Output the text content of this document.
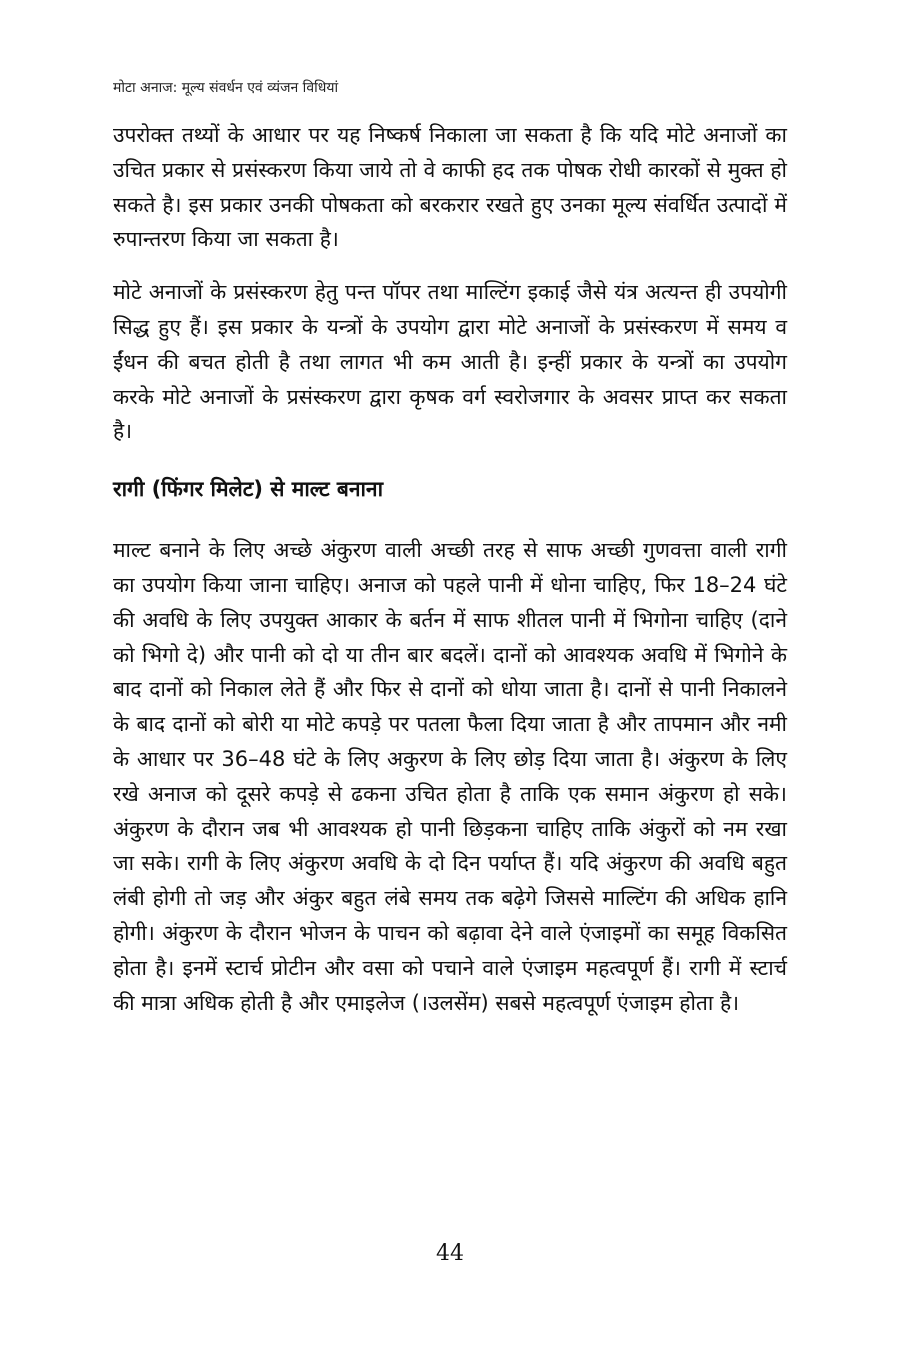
मोटा अनाज: मूल्य संवर्धन एवं व्यंजन विधियां

उपरोक्त तथ्यों के आधार पर यह निष्कर्ष निकाला जा सकता है कि यदि मोटे अनाजों का उचित प्रकार से प्रसंस्करण किया जाये तो वे काफी हद तक पोषक रोधी कारकों से मुक्त हो सकते है। इस प्रकार उनकी पोषकता को बरकरार रखते हुए उनका मूल्य संवर्धित उत्पादों में रुपान्तरण किया जा सकता है।

मोटे अनाजों के प्रसंस्करण हेतु पन्त पॉपर तथा माल्टिंग इकाई जैसे यंत्र अत्यन्त ही उपयोगी सिद्ध हुए हैं। इस प्रकार के यन्त्रों के उपयोग द्वारा मोटे अनाजों के प्रसंस्करण में समय व ईंधन की बचत होती है तथा लागत भी कम आती है। इन्हीं प्रकार के यन्त्रों का उपयोग करके मोटे अनाजों के प्रसंस्करण द्वारा कृषक वर्ग स्वरोजगार के अवसर प्राप्त कर सकता है।

रागी (फिंगर मिलेट) से माल्ट बनाना

माल्ट बनाने के लिए अच्छे अंकुरण वाली अच्छी तरह से साफ अच्छी गुणवत्ता वाली रागी का उपयोग किया जाना चाहिए। अनाज को पहले पानी में धोना चाहिए, फिर 18–24 घंटे की अवधि के लिए उपयुक्त आकार के बर्तन में साफ शीतल पानी में भिगोना चाहिए (दाने को भिगो दे) और पानी को दो या तीन बार बदलें। दानों को आवश्यक अवधि में भिगोने के बाद दानों को निकाल लेते हैं और फिर से दानों को धोया जाता है। दानों से पानी निकालने के बाद दानों को बोरी या मोटे कपड़े पर पतला फैला दिया जाता है और तापमान और नमी के आधार पर 36–48 घंटे के लिए अकुरण के लिए छोड़ दिया जाता है। अंकुरण के लिए रखे अनाज को दूसरे कपड़े से ढकना उचित होता है ताकि एक समान अंकुरण हो सके। अंकुरण के दौरान जब भी आवश्यक हो पानी छिड़कना चाहिए ताकि अंकुरों को नम रखा जा सके। रागी के लिए अंकुरण अवधि के दो दिन पर्याप्त हैं। यदि अंकुरण की अवधि बहुत लंबी होगी तो जड़ और अंकुर बहुत लंबे समय तक बढ़ेगे जिससे माल्टिंग की अधिक हानि होगी। अंकुरण के दौरान भोजन के पाचन को बढ़ावा देने वाले एंजाइमों का समूह विकसित होता है। इनमें स्टार्च प्रोटीन और वसा को पचाने वाले एंजाइम महत्वपूर्ण हैं। रागी में स्टार्च की मात्रा अधिक होती है और एमाइलेज (।उलसेंम) सबसे महत्वपूर्ण एंजाइम होता है।

44
